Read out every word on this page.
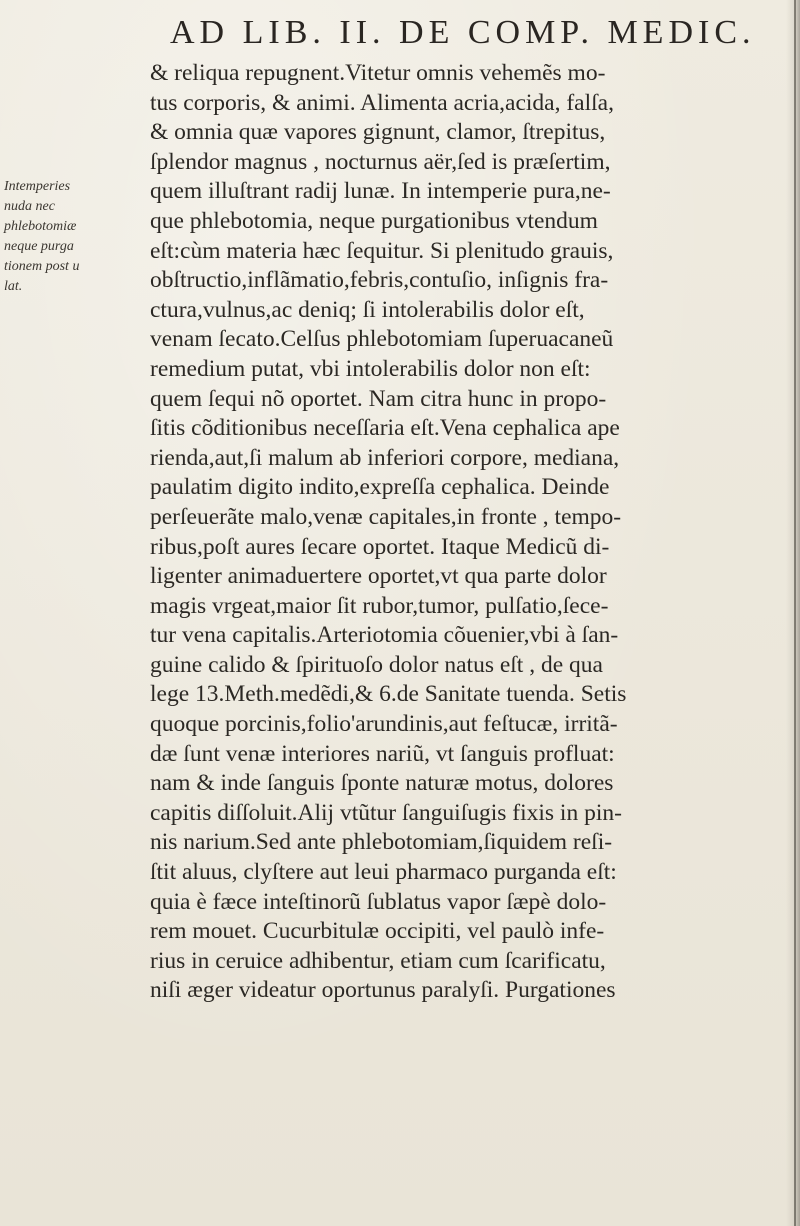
AD LIB. II. DE COMP. MEDIC.
Intemperies
nuda nec
phlebotomiæ
neque purga
tionem post u
lat.
& reliqua repugnent.Vitetur omnis vehemẽs mo-
tus corporis, & animi. Alimenta acria,acida, falſa,
& omnia quæ vapores gignunt, clamor, ſtrepitus,
ſplendor magnus , nocturnus aër,ſed is præſertim,
quem illuſtrant radij lunæ. In intemperie pura,ne-
que phlebotomia, neque purgationibus vtendum
eſt:cùm materia hæc ſequitur. Si plenitudo grauis,
obſtructio,inflãmatio,febris,contuſio, inſignis fra-
ctura,vulnus,ac deniq; ſi intolerabilis dolor eſt,
venam ſecato.Celſus phlebotomiam ſuperuacaneũ
remedium putat, vbi intolerabilis dolor non eſt:
quem ſequi nõ oportet. Nam citra hunc in propo-
ſitis cõditionibus neceſſaria eſt.Vena cephalica ape
rienda,aut,ſi malum ab inferiori corpore, mediana,
paulatim digito indito,expreſſa cephalica. Deinde
perſeuerãte malo,venæ capitales,in fronte , tempo-
ribus,poſt aures ſecare oportet. Itaque Medicũ di-
ligenter animaduertere oportet,vt qua parte dolor
magis vrgeat,maior ſit rubor,tumor, pulſatio,ſece-
tur vena capitalis.Arteriotomia cõuenier,vbi à ſan-
guine calido & ſpirituoſo dolor natus eſt , de qua
lege 13.Meth.medẽdi,& 6.de Sanitate tuenda. Setis
quoque porcinis,folio'arundinis,aut feſtucæ, irritã-
dæ ſunt venæ interiores nariũ, vt ſanguis profluat:
nam & inde ſanguis ſponte naturæ motus, dolores
capitis diſſoluit.Alij vtũtur ſanguiſugis fixis in pin-
nis narium.Sed ante phlebotomiam,ſiquidem reſi-
ſtit aluus, clyſtere aut leui pharmaco purganda eſt:
quia è fæce inteſtinorũ ſublatus vapor ſæpè dolo-
rem mouet. Cucurbitulæ occipiti, vel paulò infe-
rius in ceruice adhibentur, etiam cum ſcarificatu,
niſi æger videatur oportunus paralyſi. Purgationes
